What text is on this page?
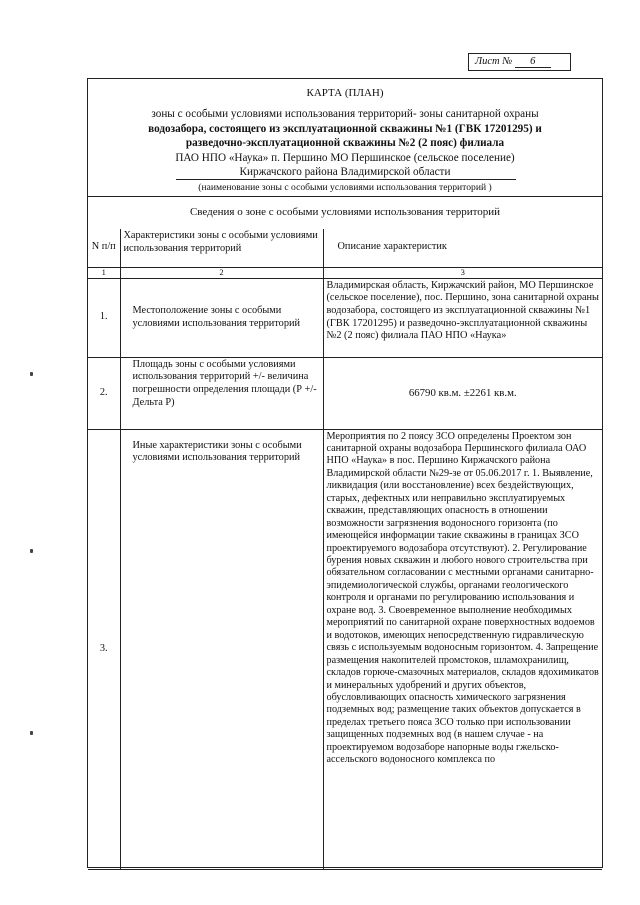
Лист № 6
КАРТА (ПЛАН)
зоны с особыми условиями использования территорий- зоны санитарной охраны
водозабора, состоящего из эксплуатационной скважины №1 (ГВК 17201295) и
разведочно-эксплуатационной скважины №2 (2 пояс) филиала
ПАО НПО «Наука» п. Першино МО Першинское (сельское поселение)
Киржачского района Владимирской области
(наименование зоны с особыми условиями использования территорий )
Сведения о зоне с особыми условиями использования территорий
N п/п	Характеристики зоны с особыми условиями использования территорий	Описание характеристик
1	2	3
1.	Местоположение зоны с особыми условиями использования территорий	Владимирская область, Киржачский район, МО Першинское (сельское поселение), пос. Першино, зона санитарной охраны водозабора, состоящего из эксплуатационной скважины №1 (ГВК 17201295) и разведочно-эксплуатационной скважины №2 (2 пояс) филиала ПАО НПО «Наука»
2.	Площадь зоны с особыми условиями использования территорий +/- величина погрешности определения площади (Р +/- Дельта Р)	66790 кв.м. ±2261 кв.м.
3.	Иные характеристики зоны с особыми условиями использования территорий	Мероприятия по 2 поясу ЗСО определены Проектом зон санитарной охраны водозабора Першинского филиала ОАО НПО «Наука» в пос. Першино Киржачского района Владимирской области №29-зе от 05.06.2017 г. 1. Выявление, ликвидация (или восстановление) всех бездействующих, старых, дефектных или неправильно эксплуатируемых скважин, представляющих опасность в отношении возможности загрязнения водоносного горизонта (по имеющейся информации такие скважины в границах ЗСО проектируемого водозабора отсутствуют). 2. Регулирование бурения новых скважин и любого нового строительства при обязательном согласовании с местными органами санитарно-эпидемиологической службы, органами геологического контроля и органами по регулированию использования и охране вод. 3. Своевременное выполнение необходимых мероприятий по санитарной охране поверхностных водоемов и водотоков, имеющих непосредственную гидравлическую связь с используемым водоносным горизонтом. 4. Запрещение размещения накопителей промстоков, шламохранилищ, складов горюче-смазочных материалов, складов ядохимикатов и минеральных удобрений и других объектов, обусловливающих опасность химического загрязнения подземных вод; размещение таких объектов допускается в пределах третьего пояса ЗСО только при использовании защищенных подземных вод (в нашем случае - на проектируемом водозаборе напорные воды гжельско-ассельского водоносного комплекса по
